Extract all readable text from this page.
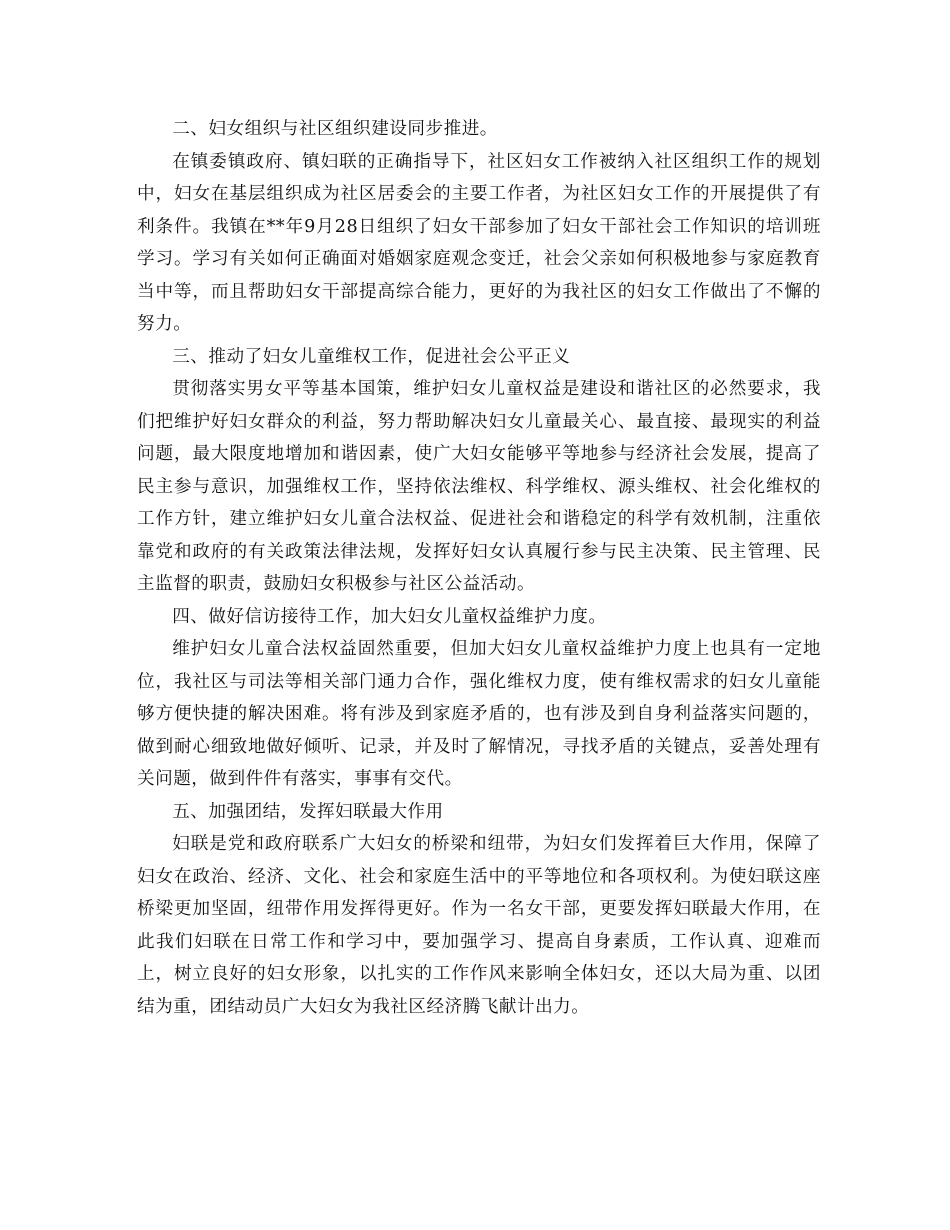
二、妇女组织与社区组织建设同步推进。

在镇委镇政府、镇妇联的正确指导下，社区妇女工作被纳入社区组织工作的规划中，妇女在基层组织成为社区居委会的主要工作者，为社区妇女工作的开展提供了有利条件。我镇在**年9月28日组织了妇女干部参加了妇女干部社会工作知识的培训班学习。学习有关如何正确面对婚姻家庭观念变迁，社会父亲如何积极地参与家庭教育当中等，而且帮助妇女干部提高综合能力，更好的为我社区的妇女工作做出了不懈的努力。

三、推动了妇女儿童维权工作，促进社会公平正义

贯彻落实男女平等基本国策，维护妇女儿童权益是建设和谐社区的必然要求，我们把维护好妇女群众的利益，努力帮助解决妇女儿童最关心、最直接、最现实的利益问题，最大限度地增加和谐因素，使广大妇女能够平等地参与经济社会发展，提高了民主参与意识，加强维权工作，坚持依法维权、科学维权、源头维权、社会化维权的工作方针，建立维护妇女儿童合法权益、促进社会和谐稳定的科学有效机制，注重依靠党和政府的有关政策法律法规，发挥好妇女认真履行参与民主决策、民主管理、民主监督的职责，鼓励妇女积极参与社区公益活动。

四、做好信访接待工作，加大妇女儿童权益维护力度。

维护妇女儿童合法权益固然重要，但加大妇女儿童权益维护力度上也具有一定地位，我社区与司法等相关部门通力合作，强化维权力度，使有维权需求的妇女儿童能够方便快捷的解决困难。将有涉及到家庭矛盾的，也有涉及到自身利益落实问题的，做到耐心细致地做好倾听、记录，并及时了解情况，寻找矛盾的关键点，妥善处理有关问题，做到件件有落实，事事有交代。

五、加强团结，发挥妇联最大作用

妇联是党和政府联系广大妇女的桥梁和纽带，为妇女们发挥着巨大作用，保障了妇女在政治、经济、文化、社会和家庭生活中的平等地位和各项权利。为使妇联这座桥梁更加坚固，纽带作用发挥得更好。作为一名女干部，更要发挥妇联最大作用，在此我们妇联在日常工作和学习中，要加强学习、提高自身素质，工作认真、迎难而上，树立良好的妇女形象，以扎实的工作作风来影响全体妇女，还以大局为重、以团结为重，团结动员广大妇女为我社区经济腾飞献计出力。
